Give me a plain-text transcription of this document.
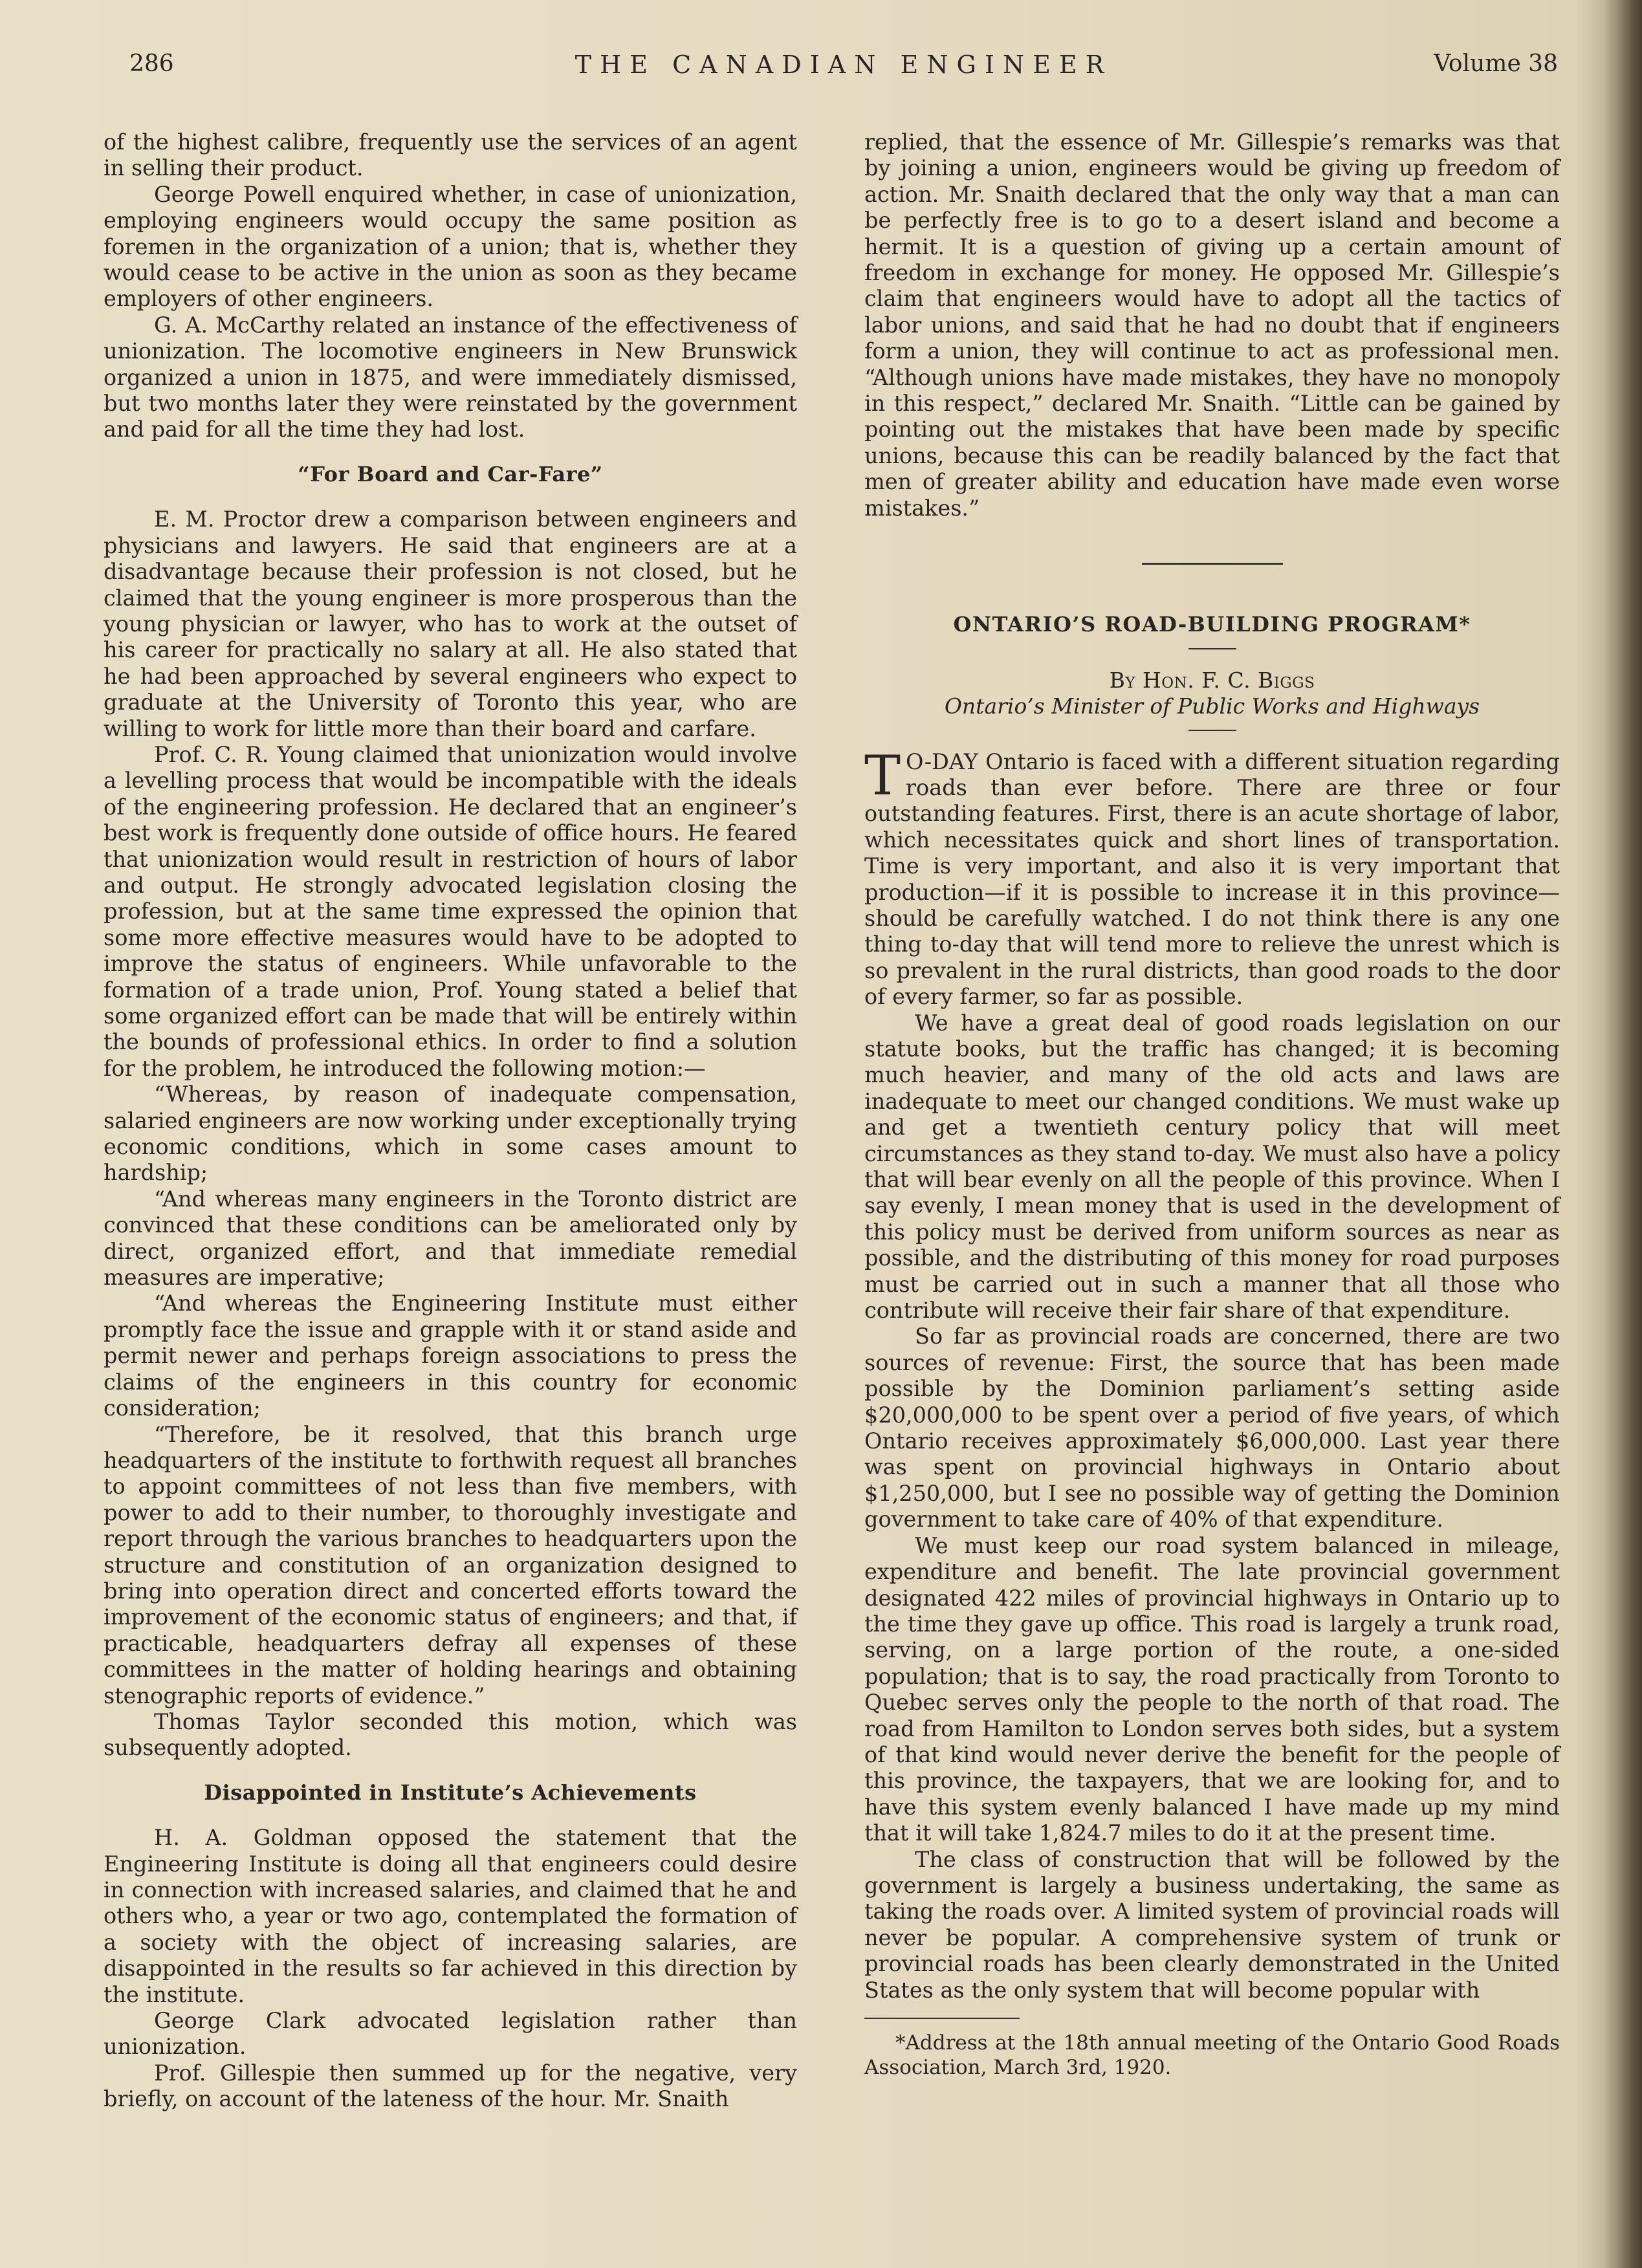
286	THE CANADIAN ENGINEER	Volume 38

of the highest calibre, frequently use the services of an agent in selling their product.

George Powell enquired whether, in case of unionization, employing engineers would occupy the same position as foremen in the organization of a union; that is, whether they would cease to be active in the union as soon as they became employers of other engineers.

G. A. McCarthy related an instance of the effectiveness of unionization. The locomotive engineers in New Brunswick organized a union in 1875, and were immediately dismissed, but two months later they were reinstated by the government and paid for all the time they had lost.

“For Board and Car-Fare”

E. M. Proctor drew a comparison between engineers and physicians and lawyers. He said that engineers are at a disadvantage because their profession is not closed, but he claimed that the young engineer is more prosperous than the young physician or lawyer, who has to work at the outset of his career for practically no salary at all. He also stated that he had been approached by several engineers who expect to graduate at the University of Toronto this year, who are willing to work for little more than their board and carfare.

Prof. C. R. Young claimed that unionization would involve a levelling process that would be incompatible with the ideals of the engineering profession. He declared that an engineer’s best work is frequently done outside of office hours. He feared that unionization would result in restriction of hours of labor and output. He strongly advocated legislation closing the profession, but at the same time expressed the opinion that some more effective measures would have to be adopted to improve the status of engineers. While unfavorable to the formation of a trade union, Prof. Young stated a belief that some organized effort can be made that will be entirely within the bounds of professional ethics. In order to find a solution for the problem, he introduced the following motion:—

“Whereas, by reason of inadequate compensation, salaried engineers are now working under exceptionally trying economic conditions, which in some cases amount to hardship;

“And whereas many engineers in the Toronto district are convinced that these conditions can be ameliorated only by direct, organized effort, and that immediate remedial measures are imperative;

“And whereas the Engineering Institute must either promptly face the issue and grapple with it or stand aside and permit newer and perhaps foreign associations to press the claims of the engineers in this country for economic consideration;

“Therefore, be it resolved, that this branch urge headquarters of the institute to forthwith request all branches to appoint committees of not less than five members, with power to add to their number, to thoroughly investigate and report through the various branches to headquarters upon the structure and constitution of an organization designed to bring into operation direct and concerted efforts toward the improvement of the economic status of engineers; and that, if practicable, headquarters defray all expenses of these committees in the matter of holding hearings and obtaining stenographic reports of evidence.”

Thomas Taylor seconded this motion, which was subsequently adopted.

Disappointed in Institute’s Achievements

H. A. Goldman opposed the statement that the Engineering Institute is doing all that engineers could desire in connection with increased salaries, and claimed that he and others who, a year or two ago, contemplated the formation of a society with the object of increasing salaries, are disappointed in the results so far achieved in this direction by the institute.

George Clark advocated legislation rather than unionization.

Prof. Gillespie then summed up for the negative, very briefly, on account of the lateness of the hour. Mr. Snaith

replied, that the essence of Mr. Gillespie’s remarks was that by joining a union, engineers would be giving up freedom of action. Mr. Snaith declared that the only way that a man can be perfectly free is to go to a desert island and become a hermit. It is a question of giving up a certain amount of freedom in exchange for money. He opposed Mr. Gillespie’s claim that engineers would have to adopt all the tactics of labor unions, and said that he had no doubt that if engineers form a union, they will continue to act as professional men. “Although unions have made mistakes, they have no monopoly in this respect,” declared Mr. Snaith. “Little can be gained by pointing out the mistakes that have been made by specific unions, because this can be readily balanced by the fact that men of greater ability and education have made even worse mistakes.”

ONTARIO’S ROAD-BUILDING PROGRAM*
By Hon. F. C. Biggs
Ontario’s Minister of Public Works and Highways

T O-DAY Ontario is faced with a different situation regarding roads than ever before. There are three or four outstanding features. First, there is an acute shortage of labor, which necessitates quick and short lines of transportation. Time is very important, and also it is very important that production—if it is possible to increase it in this province—should be carefully watched. I do not think there is any one thing to-day that will tend more to relieve the unrest which is so prevalent in the rural districts, than good roads to the door of every farmer, so far as possible.

We have a great deal of good roads legislation on our statute books, but the traffic has changed; it is becoming much heavier, and many of the old acts and laws are inadequate to meet our changed conditions. We must wake up and get a twentieth century policy that will meet circumstances as they stand to-day. We must also have a policy that will bear evenly on all the people of this province. When I say evenly, I mean money that is used in the development of this policy must be derived from uniform sources as near as possible, and the distributing of this money for road purposes must be carried out in such a manner that all those who contribute will receive their fair share of that expenditure.

So far as provincial roads are concerned, there are two sources of revenue: First, the source that has been made possible by the Dominion parliament’s setting aside $20,000,000 to be spent over a period of five years, of which Ontario receives approximately $6,000,000. Last year there was spent on provincial highways in Ontario about $1,250,000, but I see no possible way of getting the Dominion government to take care of 40% of that expenditure.

We must keep our road system balanced in mileage, expenditure and benefit. The late provincial government designated 422 miles of provincial highways in Ontario up to the time they gave up office. This road is largely a trunk road, serving, on a large portion of the route, a one-sided population; that is to say, the road practically from Toronto to Quebec serves only the people to the north of that road. The road from Hamilton to London serves both sides, but a system of that kind would never derive the benefit for the people of this province, the taxpayers, that we are looking for, and to have this system evenly balanced I have made up my mind that it will take 1,824.7 miles to do it at the present time.

The class of construction that will be followed by the government is largely a business undertaking, the same as taking the roads over. A limited system of provincial roads will never be popular. A comprehensive system of trunk or provincial roads has been clearly demonstrated in the United States as the only system that will become popular with

*Address at the 18th annual meeting of the Ontario Good Roads Association, March 3rd, 1920.
